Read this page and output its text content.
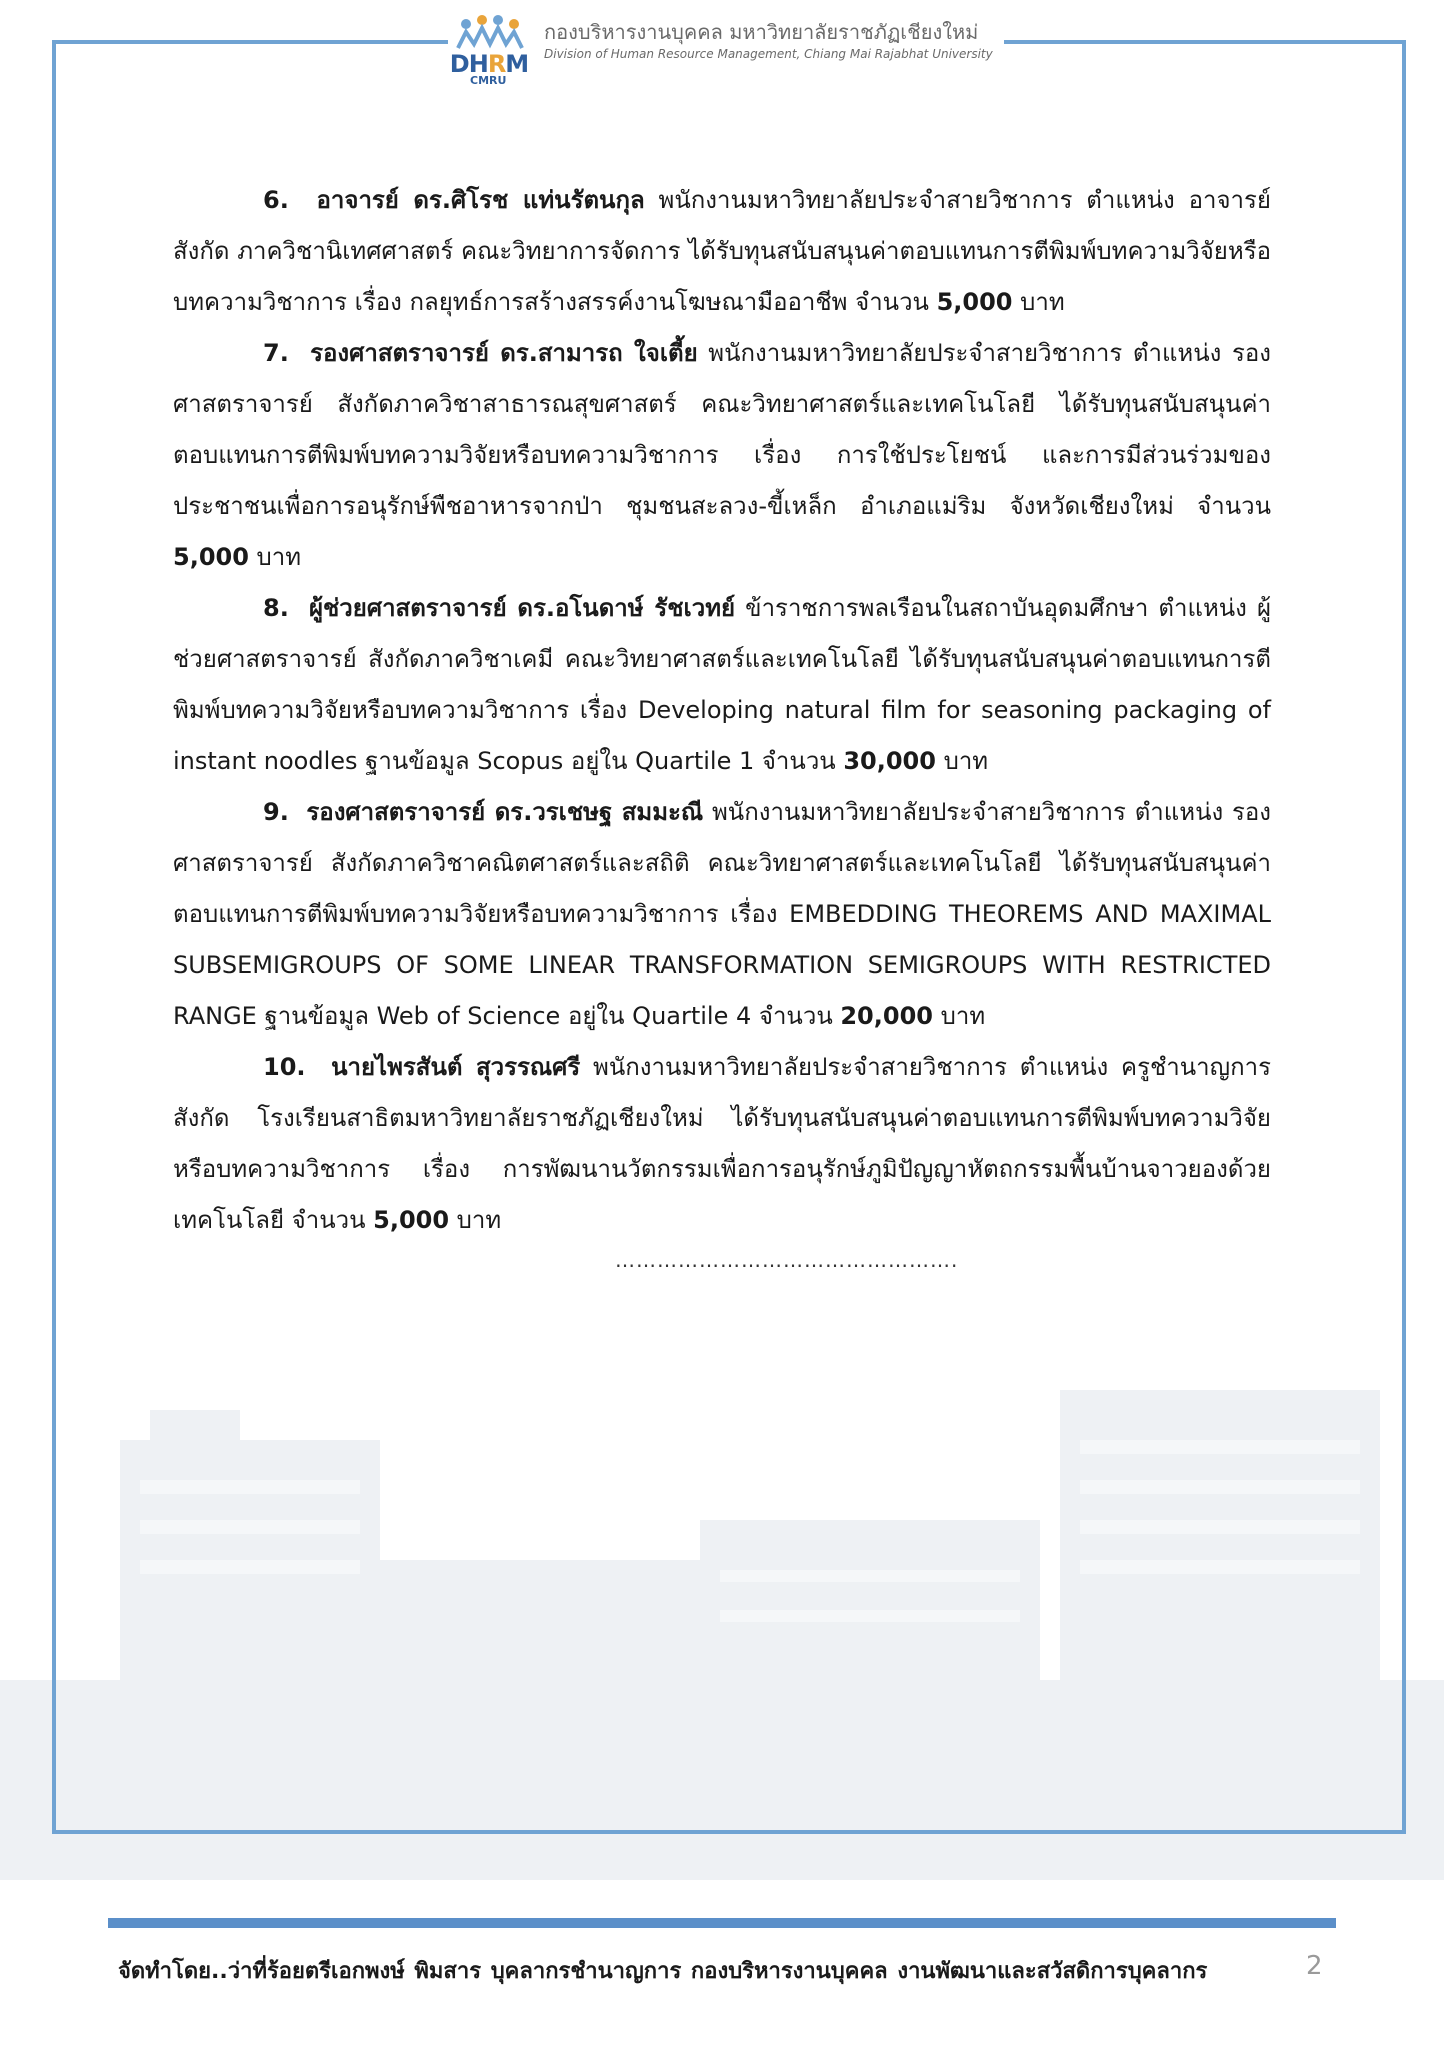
DHRM
CMRU
กองบริหารงานบุคคล มหาวิทยาลัยราชภัฏเชียงใหม่
Division of Human Resource Management, Chiang Mai Rajabhat University

6. อาจารย์ ดร.ศิโรช แท่นรัตนกุล พนักงานมหาวิทยาลัยประจำสายวิชาการ ตำแหน่ง อาจารย์ สังกัด ภาควิชานิเทศศาสตร์ คณะวิทยาการจัดการ ได้รับทุนสนับสนุนค่าตอบแทนการตีพิมพ์บทความวิจัยหรือบทความวิชาการ เรื่อง กลยุทธ์การสร้างสรรค์งานโฆษณามืออาชีพ จำนวน 5,000 บาท

7. รองศาสตราจารย์ ดร.สามารถ ใจเตี้ย พนักงานมหาวิทยาลัยประจำสายวิชาการ ตำแหน่ง รองศาสตราจารย์ สังกัดภาควิชาสาธารณสุขศาสตร์ คณะวิทยาศาสตร์และเทคโนโลยี ได้รับทุนสนับสนุนค่าตอบแทนการตีพิมพ์บทความวิจัยหรือบทความวิชาการ เรื่อง การใช้ประโยชน์ และการมีส่วนร่วมของประชาชนเพื่อการอนุรักษ์พืชอาหารจากป่า ชุมชนสะลวง-ขี้เหล็ก อำเภอแม่ริม จังหวัดเชียงใหม่ จำนวน 5,000 บาท

8. ผู้ช่วยศาสตราจารย์ ดร.อโนดาษ์ รัชเวทย์ ข้าราชการพลเรือนในสถาบันอุดมศึกษา ตำแหน่ง ผู้ช่วยศาสตราจารย์ สังกัดภาควิชาเคมี คณะวิทยาศาสตร์และเทคโนโลยี ได้รับทุนสนับสนุนค่าตอบแทนการตีพิมพ์บทความวิจัยหรือบทความวิชาการ เรื่อง Developing natural film for seasoning packaging of instant noodles ฐานข้อมูล Scopus อยู่ใน Quartile 1 จำนวน 30,000 บาท

9. รองศาสตราจารย์ ดร.วรเชษฐ สมมะณี พนักงานมหาวิทยาลัยประจำสายวิชาการ ตำแหน่ง รองศาสตราจารย์ สังกัดภาควิชาคณิตศาสตร์และสถิติ คณะวิทยาศาสตร์และเทคโนโลยี ได้รับทุนสนับสนุนค่าตอบแทนการตีพิมพ์บทความวิจัยหรือบทความวิชาการ เรื่อง EMBEDDING THEOREMS AND MAXIMAL SUBSEMIGROUPS OF SOME LINEAR TRANSFORMATION SEMIGROUPS WITH RESTRICTED RANGE ฐานข้อมูล Web of Science อยู่ใน Quartile 4 จำนวน 20,000 บาท

10. นายไพรสันต์ สุวรรณศรี พนักงานมหาวิทยาลัยประจำสายวิชาการ ตำแหน่ง ครูชำนาญการ สังกัด โรงเรียนสาธิตมหาวิทยาลัยราชภัฏเชียงใหม่ ได้รับทุนสนับสนุนค่าตอบแทนการตีพิมพ์บทความวิจัยหรือบทความวิชาการ เรื่อง การพัฒนานวัตกรรมเพื่อการอนุรักษ์ภูมิปัญญาหัตถกรรมพื้นบ้านจาวยองด้วยเทคโนโลยี จำนวน 5,000 บาท

………………………………………….
จัดทำโดย..ว่าที่ร้อยตรีเอกพงษ์ พิมสาร บุคลากรชำนาญการ กองบริหารงานบุคคล งานพัฒนาและสวัสดิการบุคลากร	2
